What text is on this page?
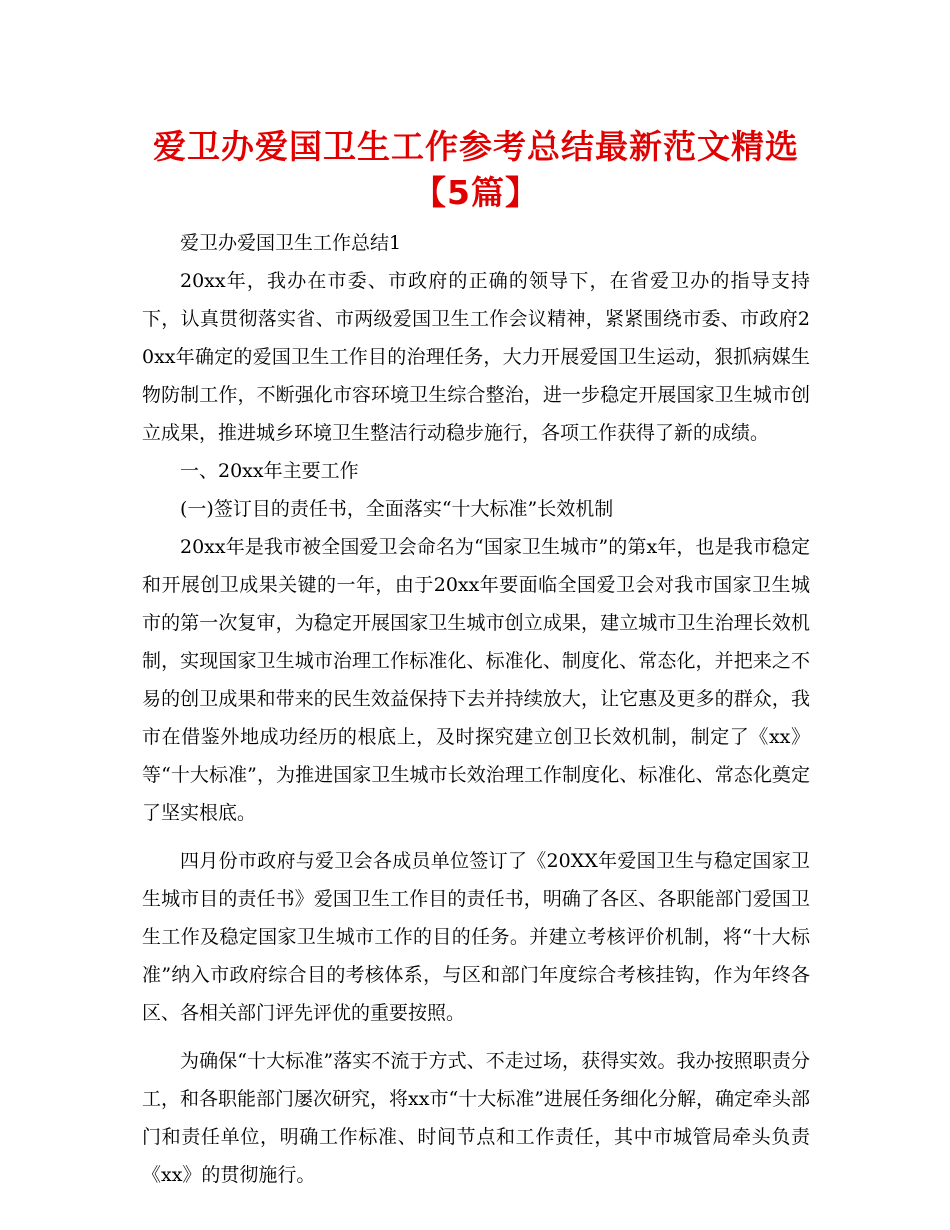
爱卫办爱国卫生工作参考总结最新范文精选【5篇】

爱卫办爱国卫生工作总结1

20xx年，我办在市委、市政府的正确的领导下，在省爱卫办的指导支持下，认真贯彻落实省、市两级爱国卫生工作会议精神，紧紧围绕市委、市政府20xx年确定的爱国卫生工作目的治理任务，大力开展爱国卫生运动，狠抓病媒生物防制工作，不断强化市容环境卫生综合整治，进一步稳定开展国家卫生城市创立成果，推进城乡环境卫生整洁行动稳步施行，各项工作获得了新的成绩。

一、20xx年主要工作

(一)签订目的责任书，全面落实“十大标准”长效机制

20xx年是我市被全国爱卫会命名为“国家卫生城市”的第x年，也是我市稳定和开展创卫成果关键的一年，由于20xx年要面临全国爱卫会对我市国家卫生城市的第一次复审，为稳定开展国家卫生城市创立成果，建立城市卫生治理长效机制，实现国家卫生城市治理工作标准化、标准化、制度化、常态化，并把来之不易的创卫成果和带来的民生效益保持下去并持续放大，让它惠及更多的群众，我市在借鉴外地成功经历的根底上，及时探究建立创卫长效机制，制定了《xx》等“十大标准”，为推进国家卫生城市长效治理工作制度化、标准化、常态化奠定了坚实根底。

四月份市政府与爱卫会各成员单位签订了《20XX年爱国卫生与稳定国家卫生城市目的责任书》爱国卫生工作目的责任书，明确了各区、各职能部门爱国卫生工作及稳定国家卫生城市工作的目的任务。并建立考核评价机制，将“十大标准”纳入市政府综合目的考核体系，与区和部门年度综合考核挂钩，作为年终各区、各相关部门评先评优的重要按照。

为确保“十大标准”落实不流于方式、不走过场，获得实效。我办按照职责分工，和各职能部门屡次研究，将xx市“十大标准”进展任务细化分解，确定牵头部门和责任单位，明确工作标准、时间节点和工作责任，其中市城管局牵头负责《xx》的贯彻施行。
